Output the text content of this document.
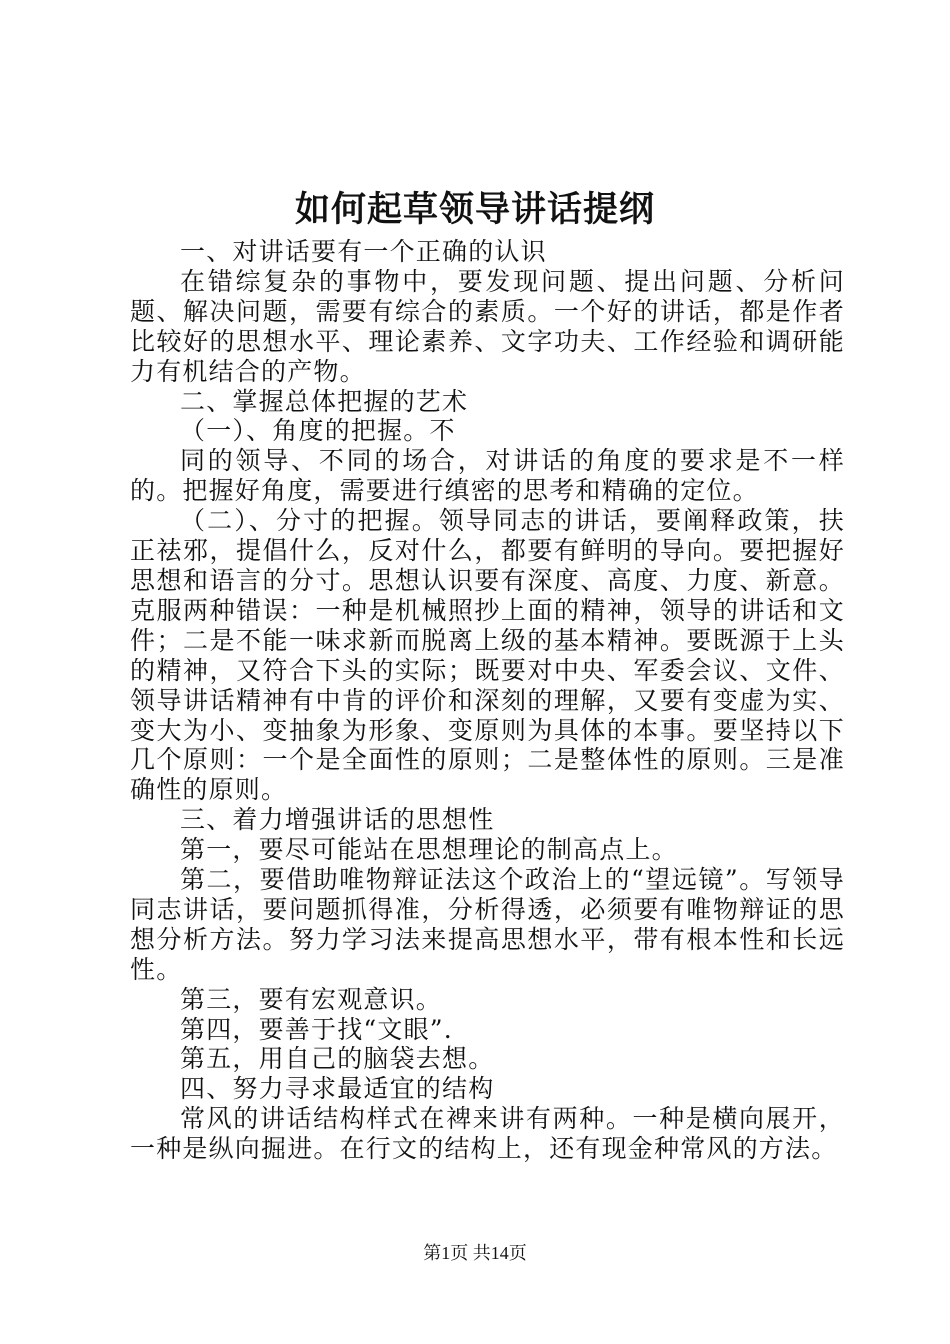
如何起草领导讲话提纲

一、对讲话要有一个正确的认识

在错综复杂的事物中，要发现问题、提出问题、分析问题、解决问题，需要有综合的素质。一个好的讲话，都是作者比较好的思想水平、理论素养、文字功夫、工作经验和调研能力有机结合的产物。

二、掌握总体把握的艺术

（一）、角度的把握。不

同的领导、不同的场合，对讲话的角度的要求是不一样的。把握好角度，需要进行缜密的思考和精确的定位。

（二）、分寸的把握。领导同志的讲话，要阐释政策，扶正祛邪，提倡什么，反对什么，都要有鲜明的导向。要把握好思想和语言的分寸。思想认识要有深度、高度、力度、新意。克服两种错误：一种是机械照抄上面的精神，领导的讲话和文件；二是不能一味求新而脱离上级的基本精神。要既源于上头的精神，又符合下头的实际；既要对中央、军委会议、文件、领导讲话精神有中肯的评价和深刻的理解，又要有变虚为实、变大为小、变抽象为形象、变原则为具体的本事。要坚持以下几个原则：一个是全面性的原则；二是整体性的原则。三是准确性的原则。

三、着力增强讲话的思想性

第一，要尽可能站在思想理论的制高点上。

第二，要借助唯物辩证法这个政治上的“望远镜”。写领导同志讲话，要问题抓得准，分析得透，必须要有唯物辩证的思想分析方法。努力学习法来提高思想水平，带有根本性和长远性。

第三，要有宏观意识。

第四，要善于找“文眼”.

第五，用自己的脑袋去想。

四、努力寻求最适宜的结构

常风的讲话结构样式在裨来讲有两种。一种是横向展开，一种是纵向掘进。在行文的结构上，还有现金种常风的方法。

第1页 共14页
